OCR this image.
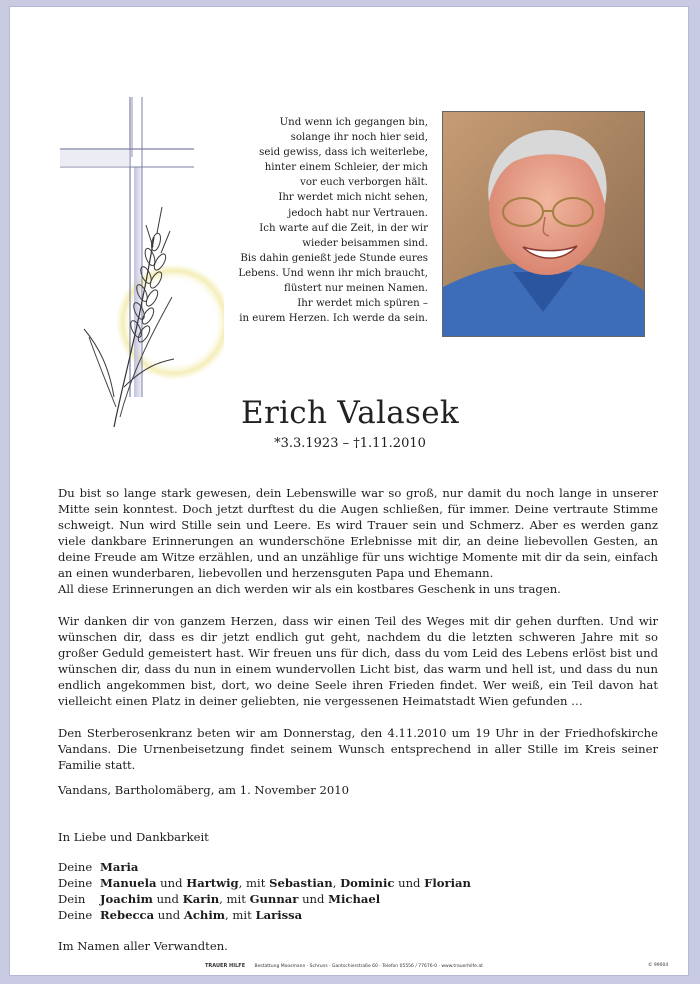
Und wenn ich gegangen bin,
solange ihr noch hier seid,
seid gewiss, dass ich weiterlebe,
hinter einem Schleier, der mich
vor euch verborgen hält.
Ihr werdet mich nicht sehen,
jedoch habt nur Vertrauen.
Ich warte auf die Zeit, in der wir
wieder beisammen sind.
Bis dahin genießt jede Stunde eures
Lebens. Und wenn ihr mich braucht,
flüstert nur meinen Namen.
Ihr werdet mich spüren –
in eurem Herzen. Ich werde da sein.
Erich Valasek
*3.3.1923 – †1.11.2010

Du bist so lange stark gewesen, dein Lebenswille war so groß, nur damit du noch lange in unserer Mitte sein konntest. Doch jetzt durftest du die Augen schließen, für immer. Deine vertraute Stimme schweigt. Nun wird Stille sein und Leere. Es wird Trauer sein und Schmerz. Aber es werden ganz viele dankbare Erinnerungen an wunderschöne Erlebnisse mit dir, an deine liebevollen Gesten, an deine Freude am Witze erzählen, und an unzählige für uns wichtige Momente mit dir da sein, einfach an einen wunderbaren, liebevollen und herzensguten Papa und Ehemann.

All diese Erinnerungen an dich werden wir als ein kostbares Geschenk in uns tragen.

Wir danken dir von ganzem Herzen, dass wir einen Teil des Weges mit dir gehen durften. Und wir wünschen dir, dass es dir jetzt endlich gut geht, nachdem du die letzten schweren Jahre mit so großer Geduld gemeistert hast. Wir freuen uns für dich, dass du vom Leid des Lebens erlöst bist und wünschen dir, dass du nun in einem wundervollen Licht bist, das warm und hell ist, und dass du nun endlich angekommen bist, dort, wo deine Seele ihren Frieden findet. Wer weiß, ein Teil davon hat vielleicht einen Platz in deiner geliebten, nie vergessenen Heimatstadt Wien gefunden …

Den Sterberosenkranz beten wir am Donnerstag, den 4.11.2010 um 19 Uhr in der Friedhofskirche Vandans. Die Urnenbeisetzung findet seinem Wunsch entsprechend in aller Stille im Kreis seiner Familie statt.

Vandans, Bartholomäberg, am 1. November 2010
In Liebe und Dankbarkeit
Deine Maria
Deine Manuela und Hartwig, mit Sebastian, Dominic und Florian
Dein	Joachim und Karin, mit Gunnar und Michael
Deine Rebecca und Achim, mit Larissa
Im Namen aller Verwandten.
TRAUER HILFE Bestattung Moosmann · Schruns · Gantschierstraße 60 · Telefon 05556 / 77676-0 · www.trauerhilfe.at	© 99004
